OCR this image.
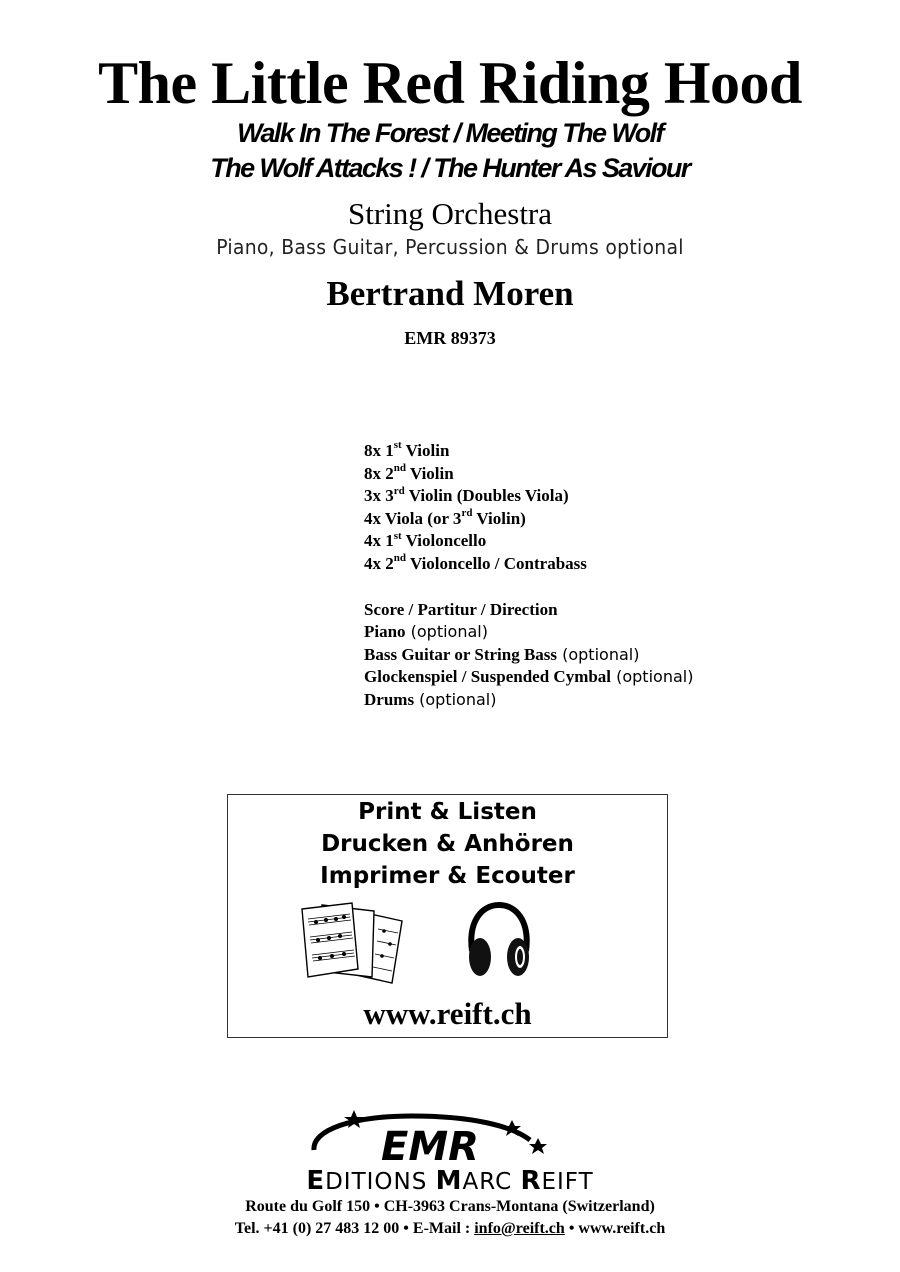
The Little Red Riding Hood
Walk In The Forest / Meeting The Wolf
The Wolf Attacks ! / The Hunter As Saviour
String Orchestra
Piano, Bass Guitar, Percussion & Drums optional
Bertrand Moren
EMR 89373
8x 1st Violin
8x 2nd Violin
3x 3rd Violin (Doubles Viola)
4x Viola (or 3rd Violin)
4x 1st Violoncello
4x 2nd Violoncello / Contrabass
Score / Partitur / Direction
Piano (optional)
Bass Guitar or String Bass (optional)
Glockenspiel / Suspended Cymbal (optional)
Drums (optional)
Print & Listen
Drucken & Anhören
Imprimer & Ecouter
www.reift.ch
EMR
EDITIONS MARC REIFT
Route du Golf 150 • CH-3963 Crans-Montana (Switzerland)
Tel. +41 (0) 27 483 12 00 • E-Mail : info@reift.ch • www.reift.ch
